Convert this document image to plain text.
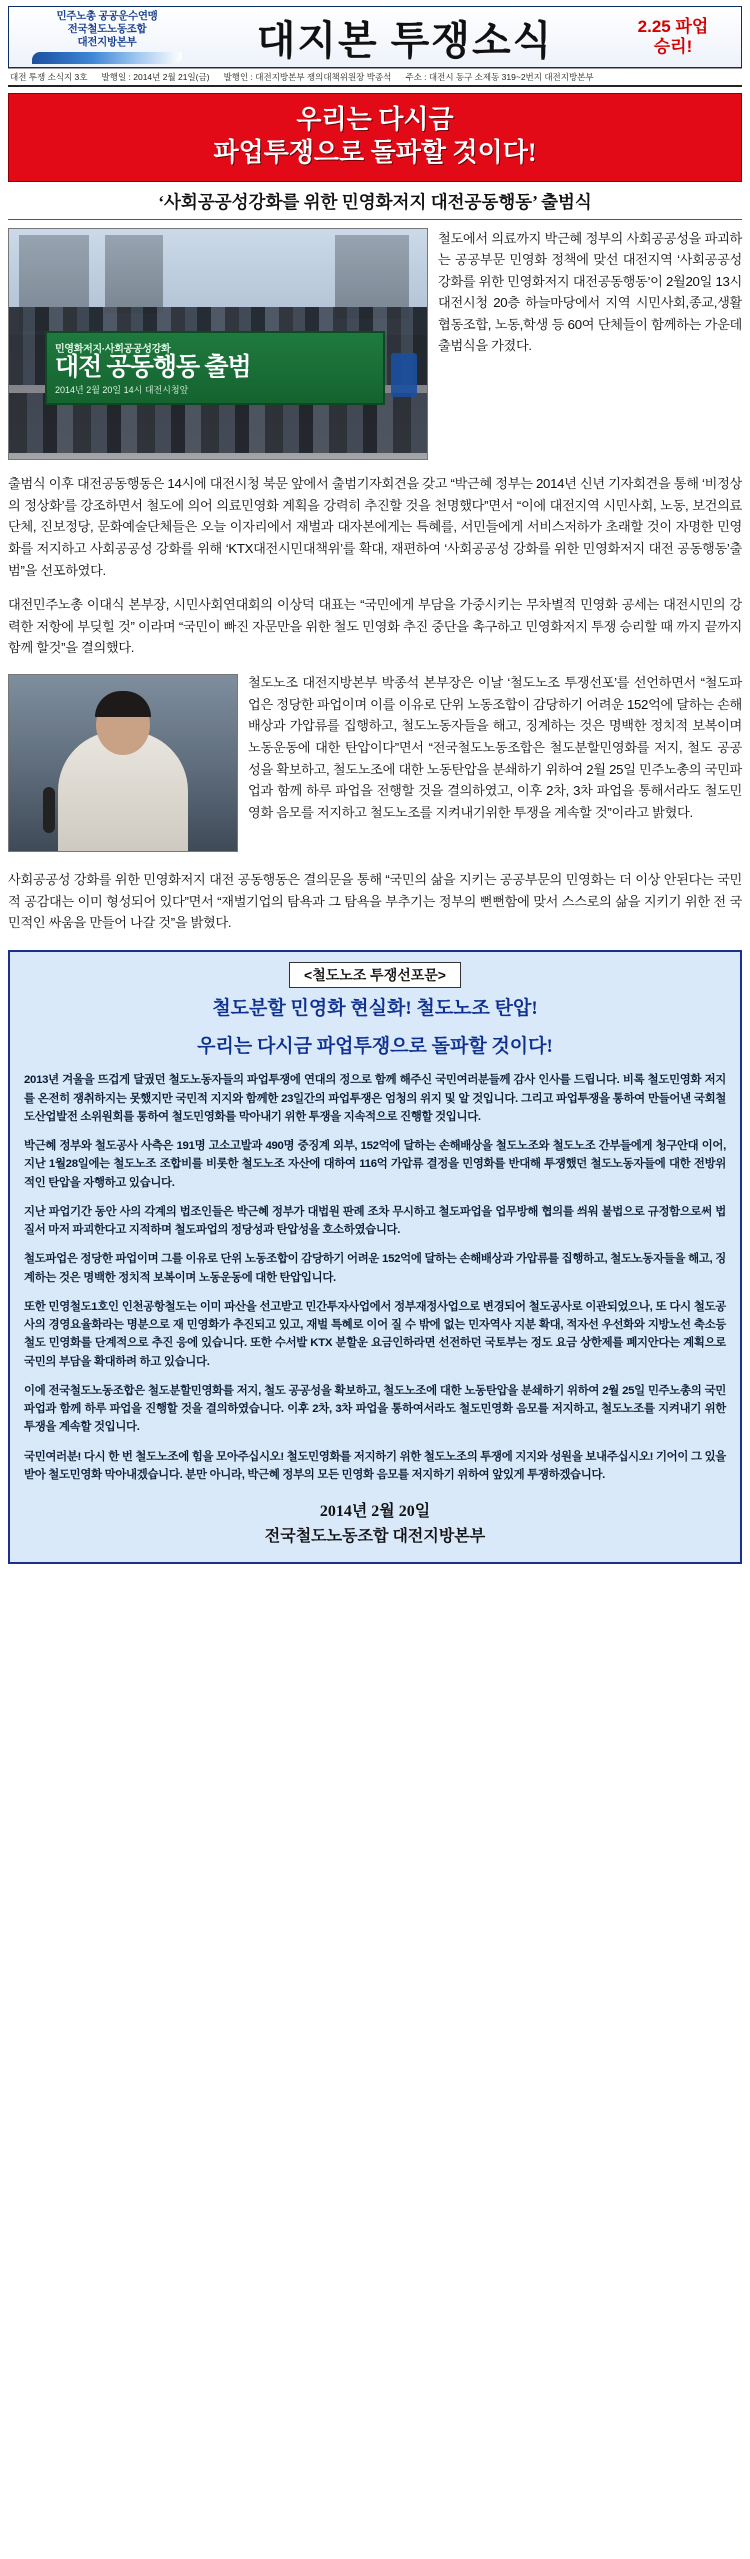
민주노총 공공운수연맹
전국철도노동조합
대전지방본부	대지본 투쟁소식	2.25 파업
승리!
대전 투쟁 소식지 3호 발행일 : 2014년 2월 21일(금) 발행인 : 대전지방본부 쟁의대책위원장 박종석 주소 : 대전시 동구 소제동 319~2번지 대전지방본부
우리는 다시금
파업투쟁으로 돌파할 것이다!
‘사회공공성강화를 위한 민영화저지 대전공동행동’ 출범식
민영화저지·사회공공성강화
대전 공동행동 출범
2014년 2월 20일 14시 대전시청앞
철도에서 의료까지 박근혜 정부의 사회공공성을 파괴하는 공공부문 민영화 정책에 맞선 대전지역 ‘사회공공성강화를 위한 민영화저지 대전공동행동’이 2월20일 13시 대전시청 20층 하늘마당에서 지역 시민사회,종교,생활협동조합, 노동,학생 등 60여 단체들이 함께하는 가운데 출범식을 가졌다.
출범식 이후 대전공동행동은 14시에 대전시청 북문 앞에서 출범기자회견을 갖고 “박근혜 정부는 2014년 신년 기자회견을 통해 ‘비정상의 정상화’를 강조하면서 철도에 의어 의료민영화 계획을 강력히 추진할 것을 천명했다”면서 “이에 대전지역 시민사회, 노동, 보건의료단체, 진보정당, 문화예술단체들은 오늘 이자리에서 재벌과 대자본에게는 특혜를, 서민들에게 서비스저하가 초래할 것이 자명한 민영화를 저지하고 사회공공성 강화를 위해 ‘KTX대전시민대책위’를 확대, 재편하여 ‘사회공공성 강화를 위한 민영화저지 대전 공동행동’출범”을 선포하였다.
대전민주노총 이대식 본부장, 시민사회연대회의 이상덕 대표는 “국민에게 부담을 가중시키는 무차별적 민영화 공세는 대전시민의 강력한 저항에 부딪힐 것” 이라며 “국민이 빠진 자문만을 위한 철도 민영화 추진 중단을 촉구하고 민영화저지 투쟁 승리할 때 까지 끝까지 함께 할것”을 결의했다.
철도노조 대전지방본부 박종석 본부장은 이날 ‘철도노조 투쟁선포’를 선언하면서 “철도파업은 정당한 파업이며 이를 이유로 단위 노동조합이 감당하기 어려운 152억에 달하는 손해배상과 가압류를 집행하고, 철도노동자들을 해고, 징계하는 것은 명백한 정치적 보복이며 노동운동에 대한 탄압이다”면서 “전국철도노동조합은 철도분할민영화를 저지, 철도 공공성을 확보하고, 철도노조에 대한 노동탄압을 분쇄하기 위하여 2월 25일 민주노총의 국민파업과 함께 하루 파업을 전행할 것을 결의하였고, 이후 2차, 3차 파업을 통해서라도 철도민영화 음모를 저지하고 철도노조를 지켜내기위한 투쟁을 계속할 것”이라고 밝혔다.
사회공공성 강화를 위한 민영화저지 대전 공동행동은 결의문을 통해 “국민의 삶을 지키는 공공부문의 민영화는 더 이상 안된다는 국민적 공감대는 이미 형성되어 있다”면서 “재벌기업의 탐욕과 그 탐욕을 부추기는 정부의 뻔뻔함에 맞서 스스로의 삶을 지키기 위한 전 국민적인 싸움을 만들어 나갈 것”을 밝혔다.
<철도노조 투쟁선포문>
철도분할 민영화 현실화! 철도노조 탄압!
우리는 다시금 파업투쟁으로 돌파할 것이다!
2013년 겨울을 뜨겁게 달궜던 철도노동자들의 파업투쟁에 연대의 정으로 함께 해주신 국민여러분들께 감사 인사를 드립니다. 비록 철도민영화 저지를 온전히 쟁취하지는 못했지만 국민적 지지와 함께한 23일간의 파업투쟁은 엄청의 위지 및 알 것입니다. 그리고 파업투쟁을 통하여 만들어낸 국회철도산업발전 소위원회를 통하여 철도민영화를 막아내기 위한 투쟁을 지속적으로 진행할 것입니다.
박근혜 정부와 철도공사 사측은 191명 고소고발과 490명 중징계 외부, 152억에 달하는 손해배상을 철도노조와 철도노조 간부들에게 청구안대 이어, 지난 1월28일에는 철도노조 조합비를 비롯한 철도노조 자산에 대하여 116억 가압류 결정을 민영화를 반대해 투쟁했던 철도노동자들에 대한 전방위적인 탄압을 자행하고 있습니다.
지난 파업기간 동안 사의 각계의 법조인들은 박근혜 정부가 대법원 판례 조차 무시하고 철도파업을 업무방해 협의를 씌워 불법으로 규정함으로써 법질서 마저 파괴한다고 지적하며 철도파업의 정당성과 탄압성을 호소하였습니다.
철도파업은 정당한 파업이며 그를 이유로 단위 노동조합이 감당하기 어려운 152억에 달하는 손해배상과 가압류를 집행하고, 철도노동자들을 해고, 징계하는 것은 명백한 정치적 보복이며 노동운동에 대한 탄압입니다.
또한 민영철도1호인 인천공항철도는 이미 파산을 선고받고 민간투자사업에서 정부재정사업으로 변경되어 철도공사로 이관되었으나, 또 다시 철도공사의 경영요율화라는 명분으로 재 민영화가 추진되고 있고, 재벌 특혜로 이어 질 수 밖에 없는 민자역사 지분 확대, 적자선 우선화와 지방노선 축소등 철도 민영화를 단계적으로 추진 응에 있습니다. 또한 수서발 KTX 분할운 요금인하라면 선전하던 국토부는 정도 요금 상한제를 폐지안다는 계획으로 국민의 부담을 확대하려 하고 있습니다.
이에 전국철도노동조합은 철도분할민영화를 저지, 철도 공공성을 확보하고, 철도노조에 대한 노동탄압을 분쇄하기 위하여 2월 25일 민주노총의 국민파업과 함께 하루 파업을 진행할 것을 결의하였습니다. 이후 2차, 3차 파업을 통하여서라도 철도민영화 음모를 저지하고, 철도노조를 지켜내기 위한 투쟁을 계속할 것입니다.
국민여러분! 다시 한 번 철도노조에 힘을 모아주십시오! 철도민영화를 저지하기 위한 철도노조의 투쟁에 지지와 성원을 보내주십시오! 기어이 그 있을 받아 철도민영화 막아내겠습니다. 분만 아니라, 박근혜 정부의 모든 민영화 음모를 저지하기 위하여 앞있게 투쟁하겠습니다.
2014년 2월 20일
전국철도노동조합 대전지방본부
